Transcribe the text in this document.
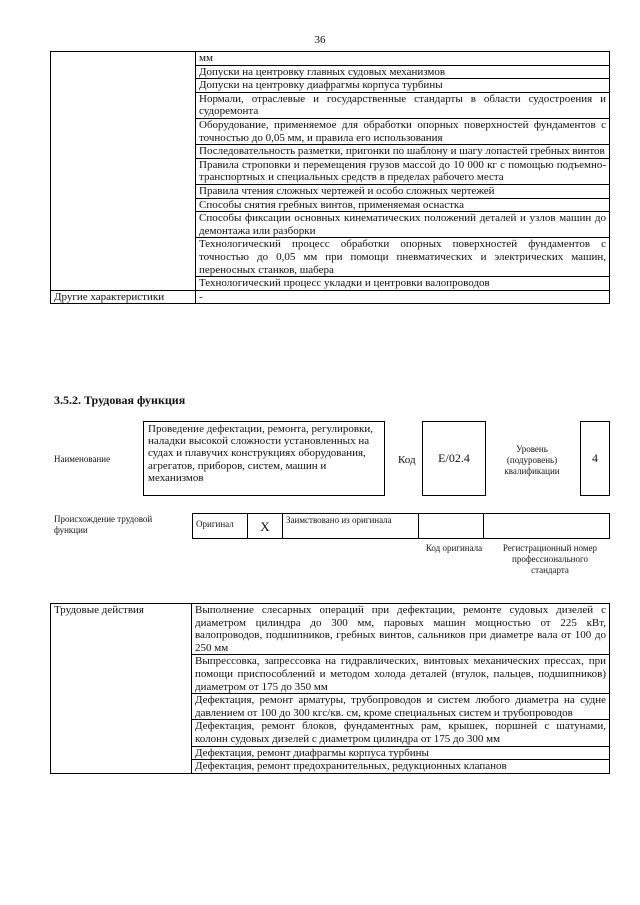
36
	мм
	Допуски на центровку главных судовых механизмов
	Допуски на центровку диафрагмы корпуса турбины
	Нормали, отраслевые и государственные стандарты в области судостроения и судоремонта
	Оборудование, применяемое для обработки опорных поверхностей фундаментов с точностью до 0,05 мм, и правила его использования
	Последовательность разметки, пригонки по шаблону и шагу лопастей гребных винтов
	Правила строповки и перемещения грузов массой до 10 000 кг с помощью подъемно-транспортных и специальных средств в пределах рабочего места
	Правила чтения сложных чертежей и особо сложных чертежей
	Способы снятия гребных винтов, применяемая оснастка
	Способы фиксации основных кинематических положений деталей и узлов машин до демонтажа или разборки
	Технологический процесс обработки опорных поверхностей фундаментов с точностью до 0,05 мм при помощи пневматических и электрических машин, переносных станков, шабера
	Технологический процесс укладки и центровки валопроводов
Другие характеристики	-
3.5.2. Трудовая функция
Наименование
Проведение дефектации, ремонта, регулировки, наладки высокой сложности установленных на судах и плавучих конструкциях оборудования, агрегатов, приборов, систем, машин и механизмов
Код	E/02.4
Уровень (подуровень) квалификации
4
Происхождение трудовой функции
Оригинал	X	Заимствовано из оригинала
Код оригинала	Регистрационный номер профессионального стандарта
Трудовые действия	Выполнение слесарных операций при дефектации, ремонте судовых дизелей с диаметром цилиндра до 300 мм, паровых машин мощностью от 225 кВт, валопроводов, подшипников, гребных винтов, сальников при диаметре вала от 100 до 250 мм
Выпрессовка, запрессовка на гидравлических, винтовых механических прессах, при помощи приспособлений и методом холода деталей (втулок, пальцев, подшипников) диаметром от 175 до 350 мм
Дефектация, ремонт арматуры, трубопроводов и систем любого диаметра на судне давлением от 100 до 300 кгс/кв. см, кроме специальных систем и трубопроводов
Дефектация, ремонт блоков, фундаментных рам, крышек, поршней с шатунами, колонн судовых дизелей с диаметром цилиндра от 175 до 300 мм
Дефектация, ремонт диафрагмы корпуса турбины
Дефектация, ремонт предохранительных, редукционных клапанов
